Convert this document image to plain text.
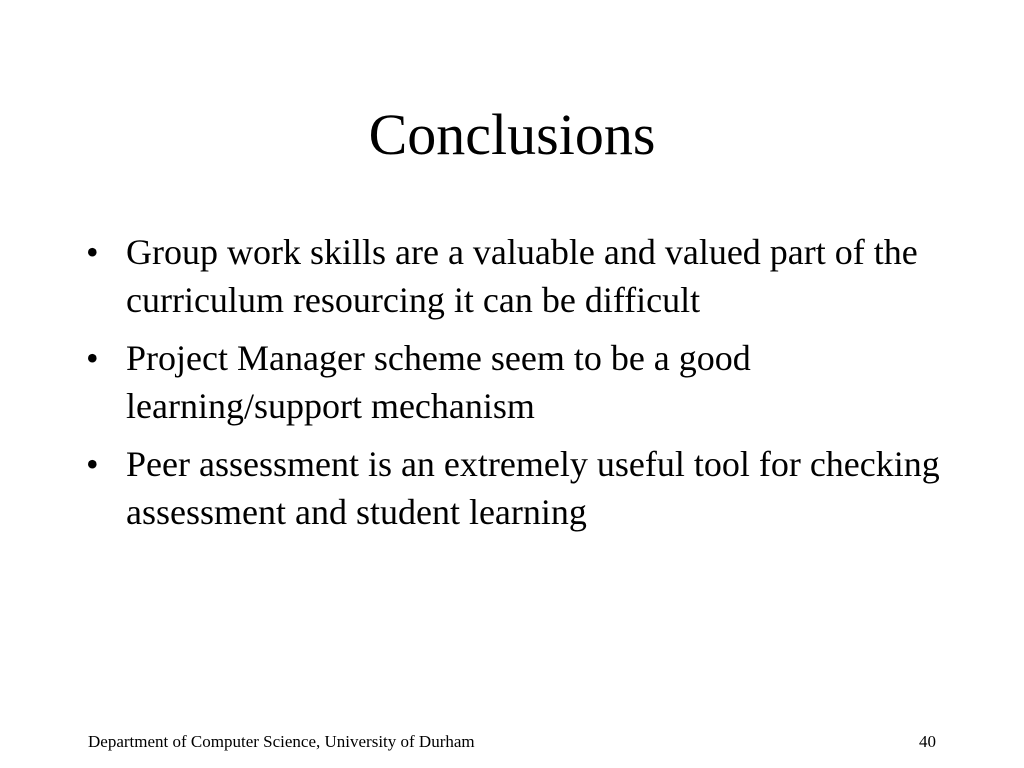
Conclusions
• Group work skills are a valuable and valued part of the curriculum resourcing it can be difficult
• Project Manager scheme seem to be a good learning/support mechanism
• Peer assessment is an extremely useful tool for checking assessment and student learning

Department of Computer Science, University of Durham	40
